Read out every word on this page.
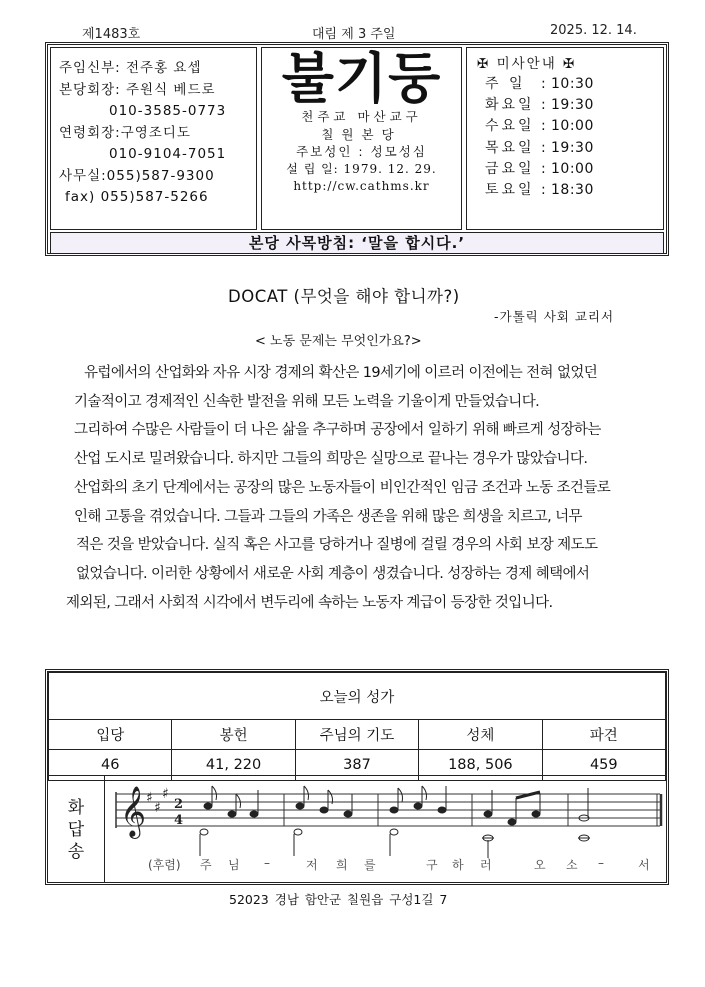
제1483호	대림 제 3 주일	2025. 12. 14.
주임신부: 전주홍 요셉
본당회장: 주원식 베드로
010-3585-0773
연령회장:구영조디도
010-9104-7051
사무실:055)587-9300
fax) 055)587-5266
불기둥
천주교 마산교구
칠원본당
주보성인 : 성모성심
설 립 일: 1979. 12. 29.
http://cw.cathms.kr
✠ 미사안내 ✠
주 일	: 10:30
화요일 : 19:30
수요일 : 10:00
목요일 : 19:30
금요일 : 10:00
토요일 : 18:30
본당 사목방침: ‘말을 합시다.’
DOCAT (무엇을 해야 합니까?)
-가톨릭 사회 교리서
< 노동 문제는 무엇인가요?>
유럽에서의 산업화와 자유 시장 경제의 확산은 19세기에 이르러 이전에는 전혀 없었던
기술적이고 경제적인 신속한 발전을 위해 모든 노력을 기울이게 만들었습니다.
그리하여 수많은 사람들이 더 나은 삶을 추구하며 공장에서 일하기 위해 빠르게 성장하는
산업 도시로 밀려왔습니다. 하지만 그들의 희망은 실망으로 끝나는 경우가 많았습니다.
산업화의 초기 단계에서는 공장의 많은 노동자들이 비인간적인 임금 조건과 노동 조건들로
인해 고통을 겪었습니다. 그들과 그들의 가족은 생존을 위해 많은 희생을 치르고, 너무
적은 것을 받았습니다. 실직 혹은 사고를 당하거나 질병에 걸릴 경우의 사회 보장 제도도
없었습니다. 이러한 상황에서 새로운 사회 계층이 생겼습니다. 성장하는 경제 혜택에서
제외된, 그래서 사회적 시각에서 변두리에 속하는 노동자 계급이 등장한 것입니다.
오늘의 성가				
입당	봉헌	주님의 기도	성체	파견
46	41, 220	387	188, 506	459
화
답
송
𝄞 ♯
♯
♯
2
4
(후렴) 주 님 –	저 희 를	구 하 러	오 소 –	서
52023 경남 함안군 칠원읍 구성1길 7
